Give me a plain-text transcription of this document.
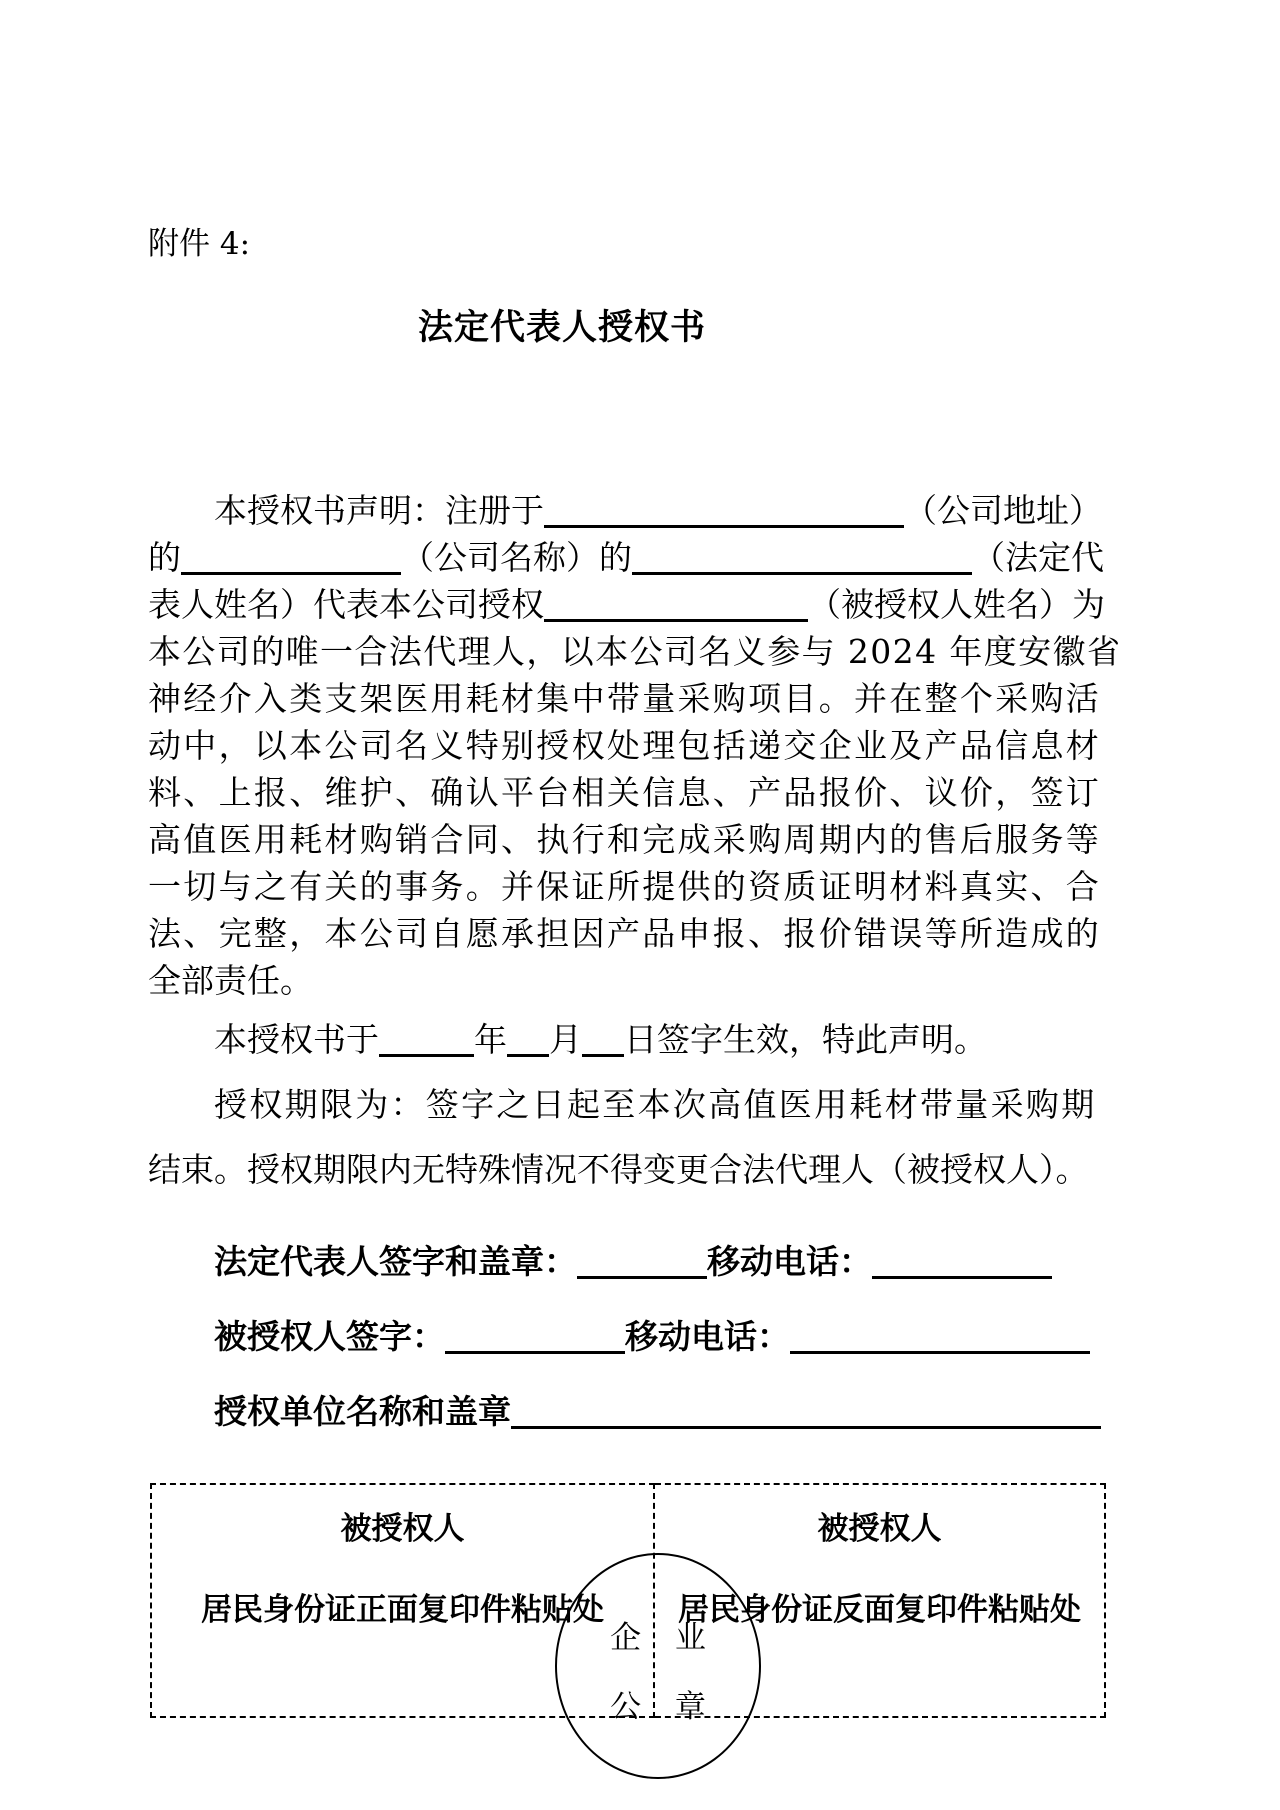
附件 4:
法定代表人授权书
本授权书声明：注册于	（公司地址）
的	（公司名称）的	（法定代
表人姓名）代表本公司授权	（被授权人姓名）为
本公司的唯一合法代理人，以本公司名义参与 2024 年度安徽省
神经介入类支架医用耗材集中带量采购项目。并在整个采购活
动中，以本公司名义特别授权处理包括递交企业及产品信息材
料、上报、维护、确认平台相关信息、产品报价、议价，签订
高值医用耗材购销合同、执行和完成采购周期内的售后服务等
一切与之有关的事务。并保证所提供的资质证明材料真实、合
法、完整，本公司自愿承担因产品申报、报价错误等所造成的
全部责任。
本授权书于	年 月 日签字生效，特此声明。
授权期限为：签字之日起至本次高值医用耗材带量采购期
结束。授权期限内无特殊情况不得变更合法代理人（被授权人）。
法定代表人签字和盖章：	移动电话：
被授权人签字：	移动电话：
授权单位名称和盖章
被授权人
居民身份证正面复印件粘贴处
被授权人
居民身份证反面复印件粘贴处
企 业
公 章
